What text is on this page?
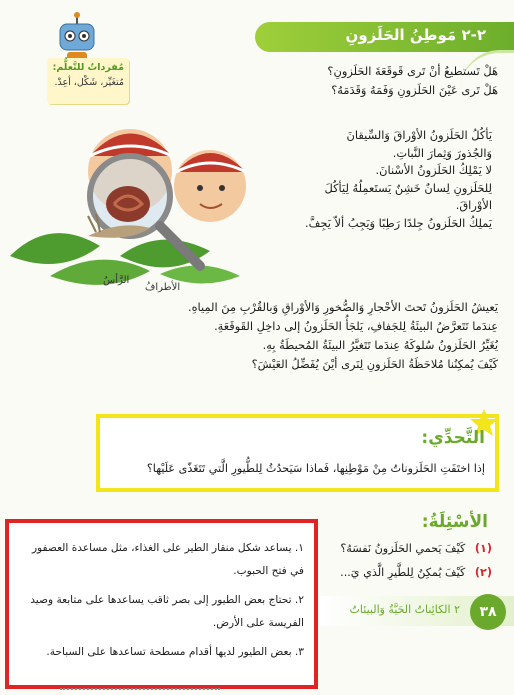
٢-٢ مَوطِنُ الحَلَزونِ
مُفرداتٌ للتَّعلُّم:
مُتغَيِّر، شَكْل، أعِدْ.
هَلْ تَستطيعُ أنْ تَرى قَوقَعَةَ الحَلَزونِ؟
هَلْ تَرى عَيْنَ الحَلَزونِ وَفَمَهُ وَقَدَمَهُ؟
الأطرافُ
الرَّأسُ
يَأكُلُ الحَلَزونُ الأوْراقَ وَالسِّيقانَ
وَالجُذورَ وَثِمارَ النَّباتِ.
لا يَمْلِكُ الحَلَزونُ الأسْنانَ.
لِلحَلَزونِ لِسانٌ خَشِنٌ يَستَعمِلُهُ لِيَأكُلَ
الأوْراقَ.
يَملِكُ الحَلَزونُ جِلدًا رَطِبًا وَيَجِبُ ألاّ يَجِفَّ.
يَعيشُ الحَلَزونُ تَحتَ الأحْجارِ وَالصُّخورِ وَالأوْراقِ وَبالقُرْبِ مِنَ المِياهِ.
عِندَما تَتَعرَّضُ البيئَةُ لِلجَفافِ، يَلجَأُ الحَلَزونُ إلى داخِلِ القَوقَعَةِ.
يُغَيِّرُ الحَلَزونُ سُلوكَهُ عِندَما تَتَغيَّرُ البيئَةُ المُحيطَةُ بِهِ.
كَيْفَ يُمكِنُنا مُلاحَظَةُ الحَلَزونِ لِنَرى أيْنَ يُفَضِّلُ العَيْشَ؟
التَّحدِّي:
إذا اختَفَتِ الحَلَزوناتُ مِنْ مَوْطِنِها، فَماذا سَيَحدُثُ لِلطُّيورِ الَّتي تَتَغَذّى عَلَيْها؟
الأسْئِلَةُ:
(١) كَيْفَ يَحمي الحَلَزونُ نَفسَهُ؟
(٢) كَيْفَ يُمكِنُ لِلطَّيرِ الَّذي يَ...
٢ الكائِناتُ الحَيَّةُ وَالبيئاتُ	٣٨
١. يساعد شكل منقار الطير على الغذاء، مثل مساعدة العصفور في فتح الحبوب.
٢. تحتاج بعض الطيور إلى بصر ثاقب يساعدها على متابعة وصيد الفريسة على الأرض.
٣. بعض الطيور لديها أقدام مسطحة تساعدها على السباحة.
